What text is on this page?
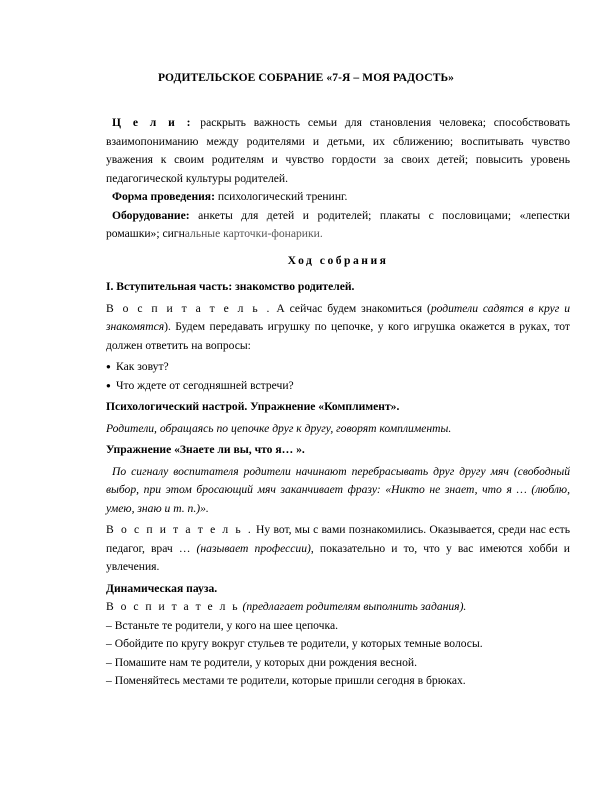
РОДИТЕЛЬСКОЕ СОБРАНИЕ «7-Я – МОЯ РАДОСТЬ»

Ц е л и : раскрыть важность семьи для становления человека; способствовать взаимопониманию между родителями и детьми, их сближению; воспитывать чувство уважения к своим родителям и чувство гордости за своих детей; повысить уровень педагогической культуры родителей.

Форма проведения: психологический тренинг.

Оборудование: анкеты для детей и родителей; плакаты с пословицами; «лепестки ромашки»; сигнальные карточки-фонарики.

Ход собрания

I. Вступительная часть: знакомство родителей.

В о с п и т а т е л ь . А сейчас будем знакомиться (родители садятся в круг и знакомятся). Будем передавать игрушку по цепочке, у кого игрушка окажется в руках, тот должен ответить на вопросы:

● Как зовут?

● Что ждете от сегодняшней встречи?

Психологический настрой. Упражнение «Комплимент».

Родители, обращаясь по цепочке друг к другу, говорят комплименты.

Упражнение «Знаете ли вы, что я… ».

По сигналу воспитателя родители начинают перебрасывать друг другу мяч (свободный выбор, при этом бросающий мяч заканчивает фразу: «Никто не знает, что я … (люблю, умею, знаю и т. п.)».

В о с п и т а т е л ь . Ну вот, мы с вами познакомились. Оказывается, среди нас есть педагог, врач … (называет профессии), показательно и то, что у вас имеются хобби и увлечения.

Динамическая пауза.

В о с п и т а т е л ь (предлагает родителям выполнить задания).

– Встаньте те родители, у кого на шее цепочка.

– Обойдите по кругу вокруг стульев те родители, у которых темные волосы.

– Помашите нам те родители, у которых дни рождения весной.

– Поменяйтесь местами те родители, которые пришли сегодня в брюках.
